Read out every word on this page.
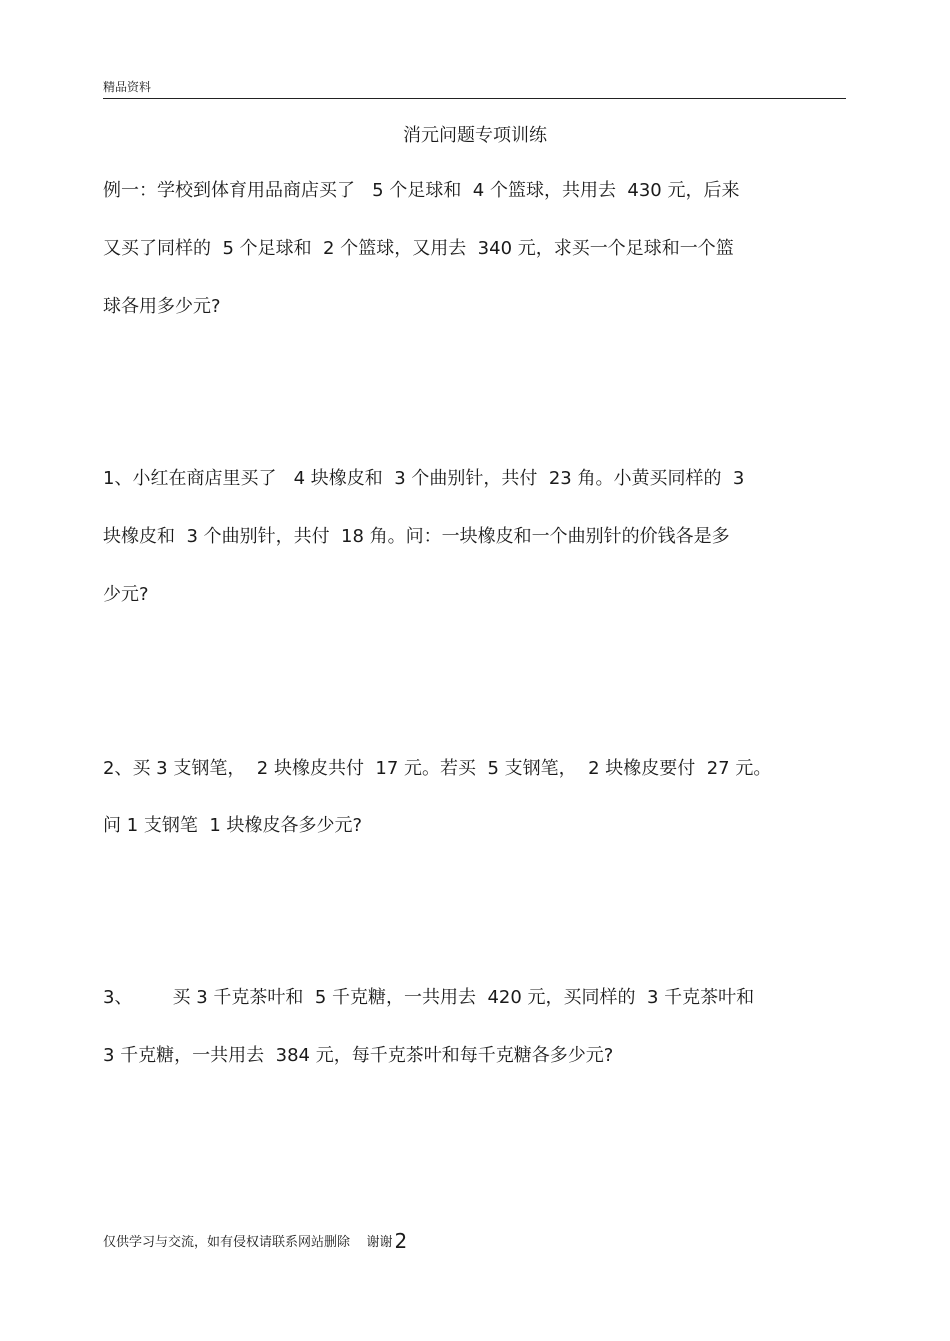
精品资料
消元问题专项训练
例一：学校到体育用品商店买了   5 个足球和  4 个篮球，共用去  430 元，后来
又买了同样的  5 个足球和  2 个篮球，又用去  340 元，求买一个足球和一个篮
球各用多少元?
1、小红在商店里买了   4 块橡皮和  3 个曲别针，共付  23 角。小黄买同样的  3
块橡皮和  3 个曲别针，共付  18 角。问：一块橡皮和一个曲别针的价钱各是多
少元?
2、买 3 支钢笔，  2 块橡皮共付  17 元。若买  5 支钢笔，  2 块橡皮要付  27 元。
问 1 支钢笔  1 块橡皮各多少元?
3、       买 3 千克茶叶和  5 千克糖，一共用去  420 元，买同样的  3 千克茶叶和
3 千克糖，一共用去  384 元，每千克茶叶和每千克糖各多少元?
仅供学习与交流，如有侵权请联系网站删除    谢谢 2
